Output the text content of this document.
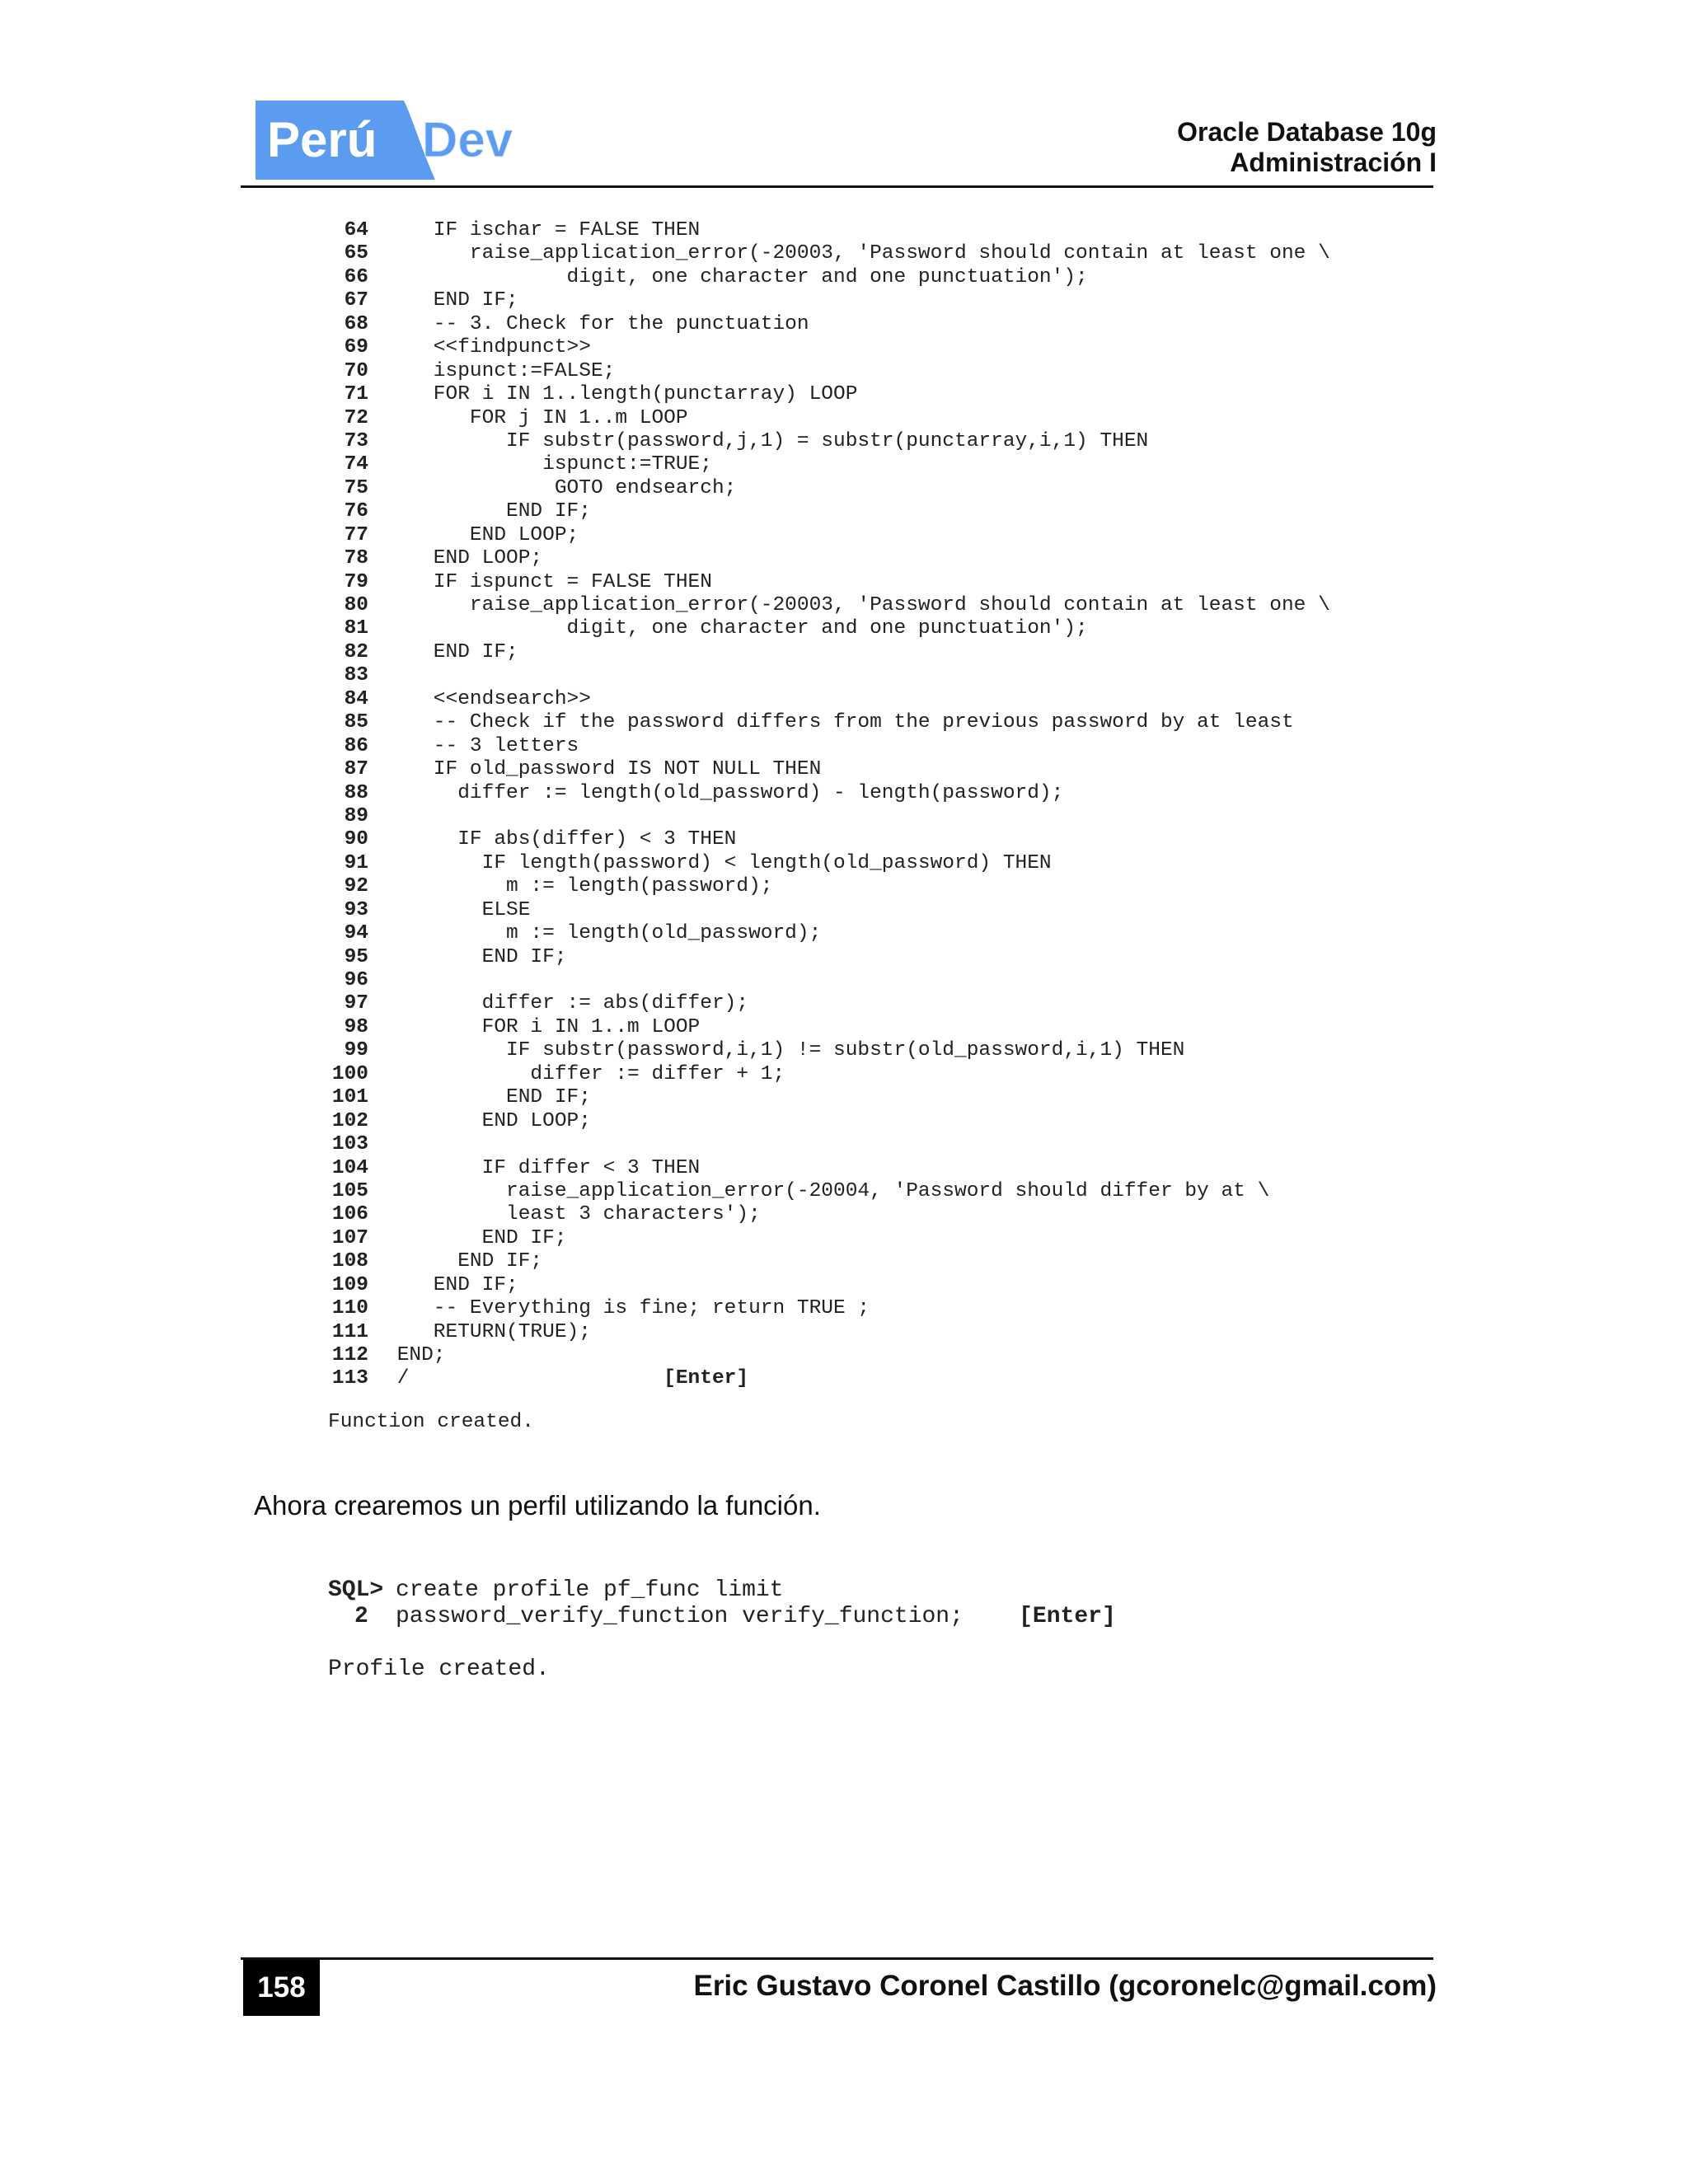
Perú Dev	Oracle Database 10g
Administración I
64 IF ischar = FALSE THEN
65 raise_application_error(-20003, 'Password should contain at least one \
66 digit, one character and one punctuation');
67 END IF;
68 -- 3. Check for the punctuation
69 <<findpunct>>
70 ispunct:=FALSE;
71 FOR i IN 1..length(punctarray) LOOP
72 FOR j IN 1..m LOOP
73 IF substr(password,j,1) = substr(punctarray,i,1) THEN
74 ispunct:=TRUE;
75 GOTO endsearch;
76 END IF;
77 END LOOP;
78 END LOOP;
79 IF ispunct = FALSE THEN
80 raise_application_error(-20003, 'Password should contain at least one \
81 digit, one character and one punctuation');
82 END IF;
83
84 <<endsearch>>
85 -- Check if the password differs from the previous password by at least
86 -- 3 letters
87 IF old_password IS NOT NULL THEN
88 differ := length(old_password) - length(password);
89
90 IF abs(differ) < 3 THEN
91 IF length(password) < length(old_password) THEN
92 m := length(password);
93 ELSE
94 m := length(old_password);
95 END IF;
96
97 differ := abs(differ);
98 FOR i IN 1..m LOOP
99 IF substr(password,i,1) != substr(old_password,i,1) THEN
100 differ := differ + 1;
101 END IF;
102 END LOOP;
103
104 IF differ < 3 THEN
105 raise_application_error(-20004, 'Password should differ by at \
106 least 3 characters');
107 END IF;
108 END IF;
109 END IF;
110 -- Everything is fine; return TRUE ;
111 RETURN(TRUE);
112 END;
113 / [Enter]
Function created.
Ahora crearemos un perfil utilizando la función.
SQL> create profile pf_func limit
2	password_verify_function verify_function; [Enter]
Profile created.
158	Eric Gustavo Coronel Castillo (gcoronelc@gmail.com)
